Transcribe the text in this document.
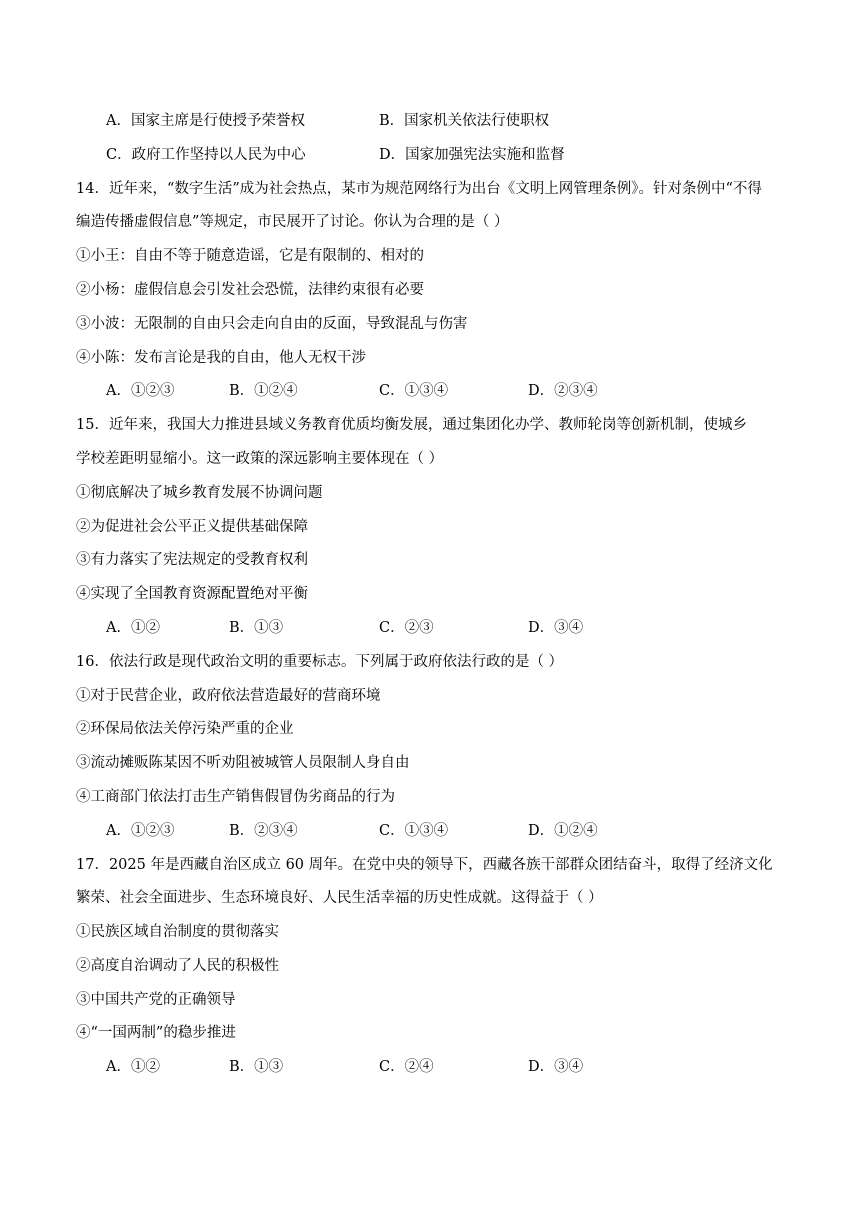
A．国家主席是行使授予荣誉权	B．国家机关依法行使职权
C．政府工作坚持以人民为中心	D．国家加强宪法实施和监督
14．近年来，“数字生活”成为社会热点，某市为规范网络行为出台《文明上网管理条例》。针对条例中“不得
编造传播虚假信息”等规定，市民展开了讨论。你认为合理的是（ ）
①小王：自由不等于随意造谣，它是有限制的、相对的
②小杨：虚假信息会引发社会恐慌，法律约束很有必要
③小波：无限制的自由只会走向自由的反面，导致混乱与伤害
④小陈：发布言论是我的自由，他人无权干涉
A．①②③	B．①②④	C．①③④	D．②③④
15．近年来，我国大力推进县域义务教育优质均衡发展，通过集团化办学、教师轮岗等创新机制，使城乡
学校差距明显缩小。这一政策的深远影响主要体现在（ ）
①彻底解决了城乡教育发展不协调问题
②为促进社会公平正义提供基础保障
③有力落实了宪法规定的受教育权利
④实现了全国教育资源配置绝对平衡
A．①②	B．①③	C．②③	D．③④
16．依法行政是现代政治文明的重要标志。下列属于政府依法行政的是（ ）
①对于民营企业，政府依法营造最好的营商环境
②环保局依法关停污染严重的企业
③流动摊贩陈某因不听劝阻被城管人员限制人身自由
④工商部门依法打击生产销售假冒伪劣商品的行为
A．①②③	B．②③④	C．①③④	D．①②④
17．2025 年是西藏自治区成立 60 周年。在党中央的领导下，西藏各族干部群众团结奋斗，取得了经济文化
繁荣、社会全面进步、生态环境良好、人民生活幸福的历史性成就。这得益于（ ）
①民族区域自治制度的贯彻落实
②高度自治调动了人民的积极性
③中国共产党的正确领导
④“一国两制”的稳步推进
A．①②	B．①③	C．②④	D．③④
